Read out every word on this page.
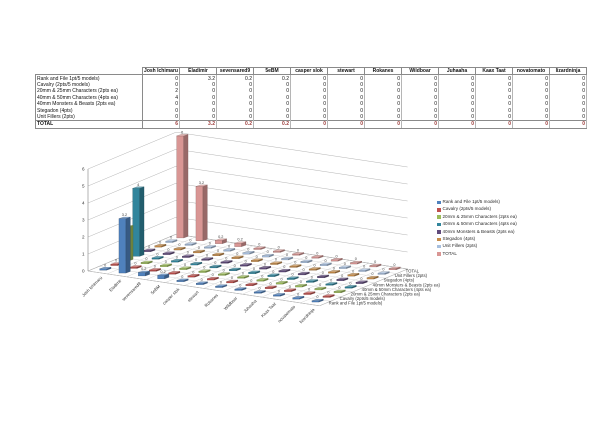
	Josh Ichimaru	Eladimir	sevensared9	5eBM	casper slok	stewart	Rokanes	Wildboar	Juhaaha	Kaax Taat	novatomato	lizardninja
Rank and File 1pt/5 models)	0	3.2	0.2	0.2	0	0	0	0	0	0	0	0
Cavalry (2pts/5 models)	0	0	0	0	0	0	0	0	0	0	0	0
20mm & 25mm Characters (2pts ea)	2	0	0	0	0	0	0	0	0	0	0	0
40mm & 50mm Characters (4pts ea)	4	0	0	0	0	0	0	0	0	0	0	0
40mm Monsters & Beasts (2pts ea)	0	0	0	0	0	0	0	0	0	0	0	0
Stegadon (4pts)	0	0	0	0	0	0	0	0	0	0	0	0
Unit Fillers (2pts)	0	0	0	0	0	0	0	0	0	0	0	0
TOTAL	6	3.2	0.2	0.2	0	0	0	0	0	0	0	0
0
1
2
3
4
5
6
6
3.2
0.2
0.2
0
0
0
0
0
0
0
0
0
0
0
0
0
0
0
0
0
0
0
0
0
0
0
0
0
0
0
0
0
0
0
0
0
0
0
0
0
0
0
0
0
0
0
0
4
0
0
0
0
0
0
0
0
0
0
0
0
0
0
0
0
0
0
0
0
0
0
0
0
0
0
0
0
0
0
0
0
0
0
0
3.2
0.2
0.2
0
0
0
0
0
0
0
0
Josh Ichimaru Eladimir
sevensared9 5eBM casper slok stewart Rokanes Wildboar Juhaaha Kaax Taat novatomato lizardninja
Rank and File 1pt/5 models)
Cavalry (2pts/5 models)
20mm & 25mm Characters (2pts ea)
40mm & 50mm Characters (4pts ea)
40mm Monsters & Beasts (2pts ea)
Stegadon (4pts)
Unit Fillers (2pts)
TOTAL
Rank and File 1pt/5 models)
Cavalry (2pts/5 models)
20mm & 25mm Characters (2pts ea)
40mm & 50mm Characters (4pts ea)
40mm Monsters & Beasts (2pts ea)
Stegadon (4pts)
Unit Fillers (2pts)
TOTAL
